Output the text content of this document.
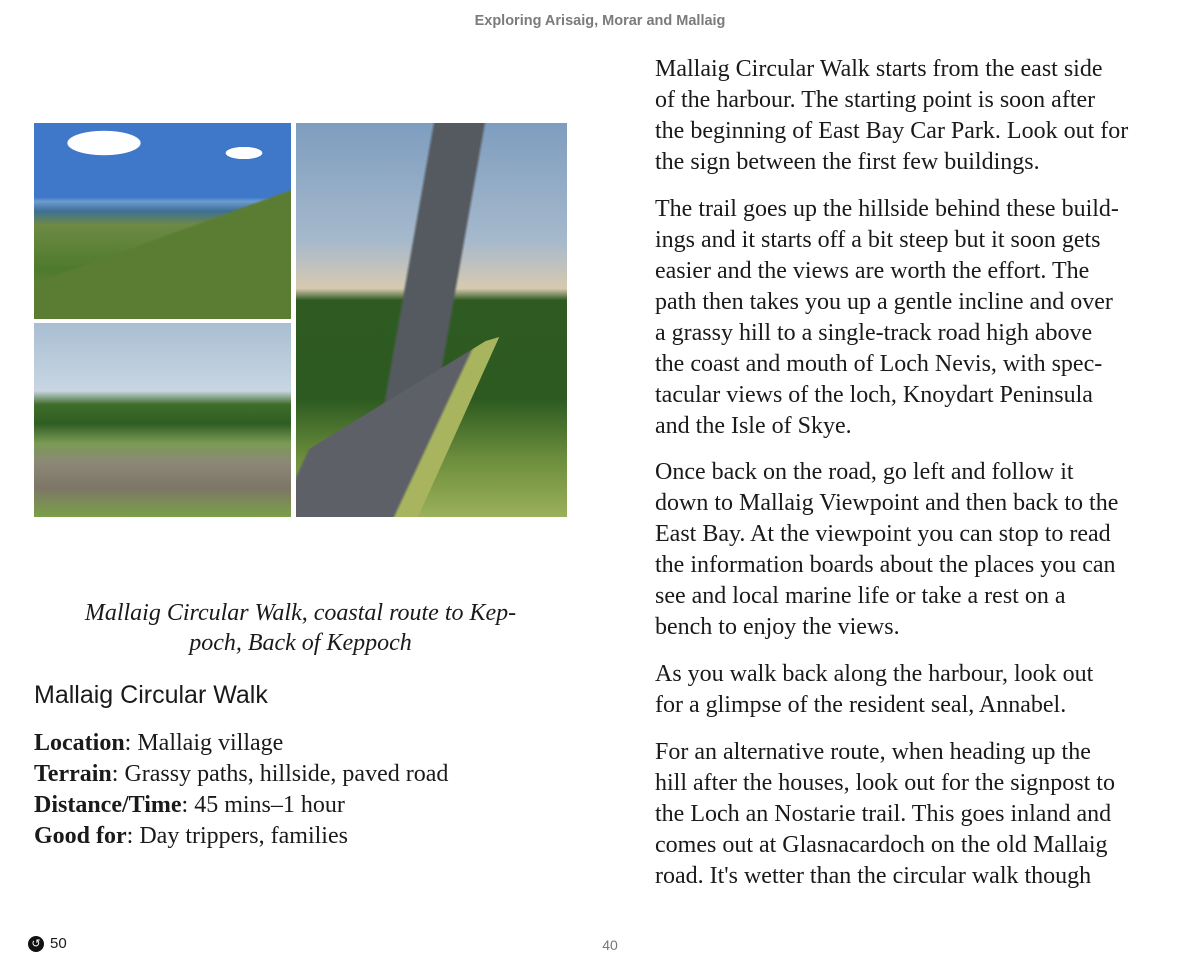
Exploring Arisaig, Morar and Mallaig
Mallaig Circular Walk, coastal route to Kep-
poch, Back of Keppoch
Mallaig Circular Walk
Location: Mallaig village
Terrain: Grassy paths, hillside, paved road
Distance/Time: 45 mins–1 hour
Good for: Day trippers, families
Mallaig Circular Walk starts from the east side
of the harbour. The starting point is soon after
the beginning of East Bay Car Park. Look out for
the sign between the first few buildings.
The trail goes up the hillside behind these build-
ings and it starts off a bit steep but it soon gets
easier and the views are worth the effort. The
path then takes you up a gentle incline and over
a grassy hill to a single-track road high above
the coast and mouth of Loch Nevis, with spec-
tacular views of the loch, Knoydart Peninsula
and the Isle of Skye.
Once back on the road, go left and follow it
down to Mallaig Viewpoint and then back to the
East Bay. At the viewpoint you can stop to read
the information boards about the places you can
see and local marine life or take a rest on a
bench to enjoy the views.
As you walk back along the harbour, look out
for a glimpse of the resident seal, Annabel.
For an alternative route, when heading up the
hill after the houses, look out for the signpost to
the Loch an Nostarie trail. This goes inland and
comes out at Glasnacardoch on the old Mallaig
road. It's wetter than the circular walk though
↺ 50	40
